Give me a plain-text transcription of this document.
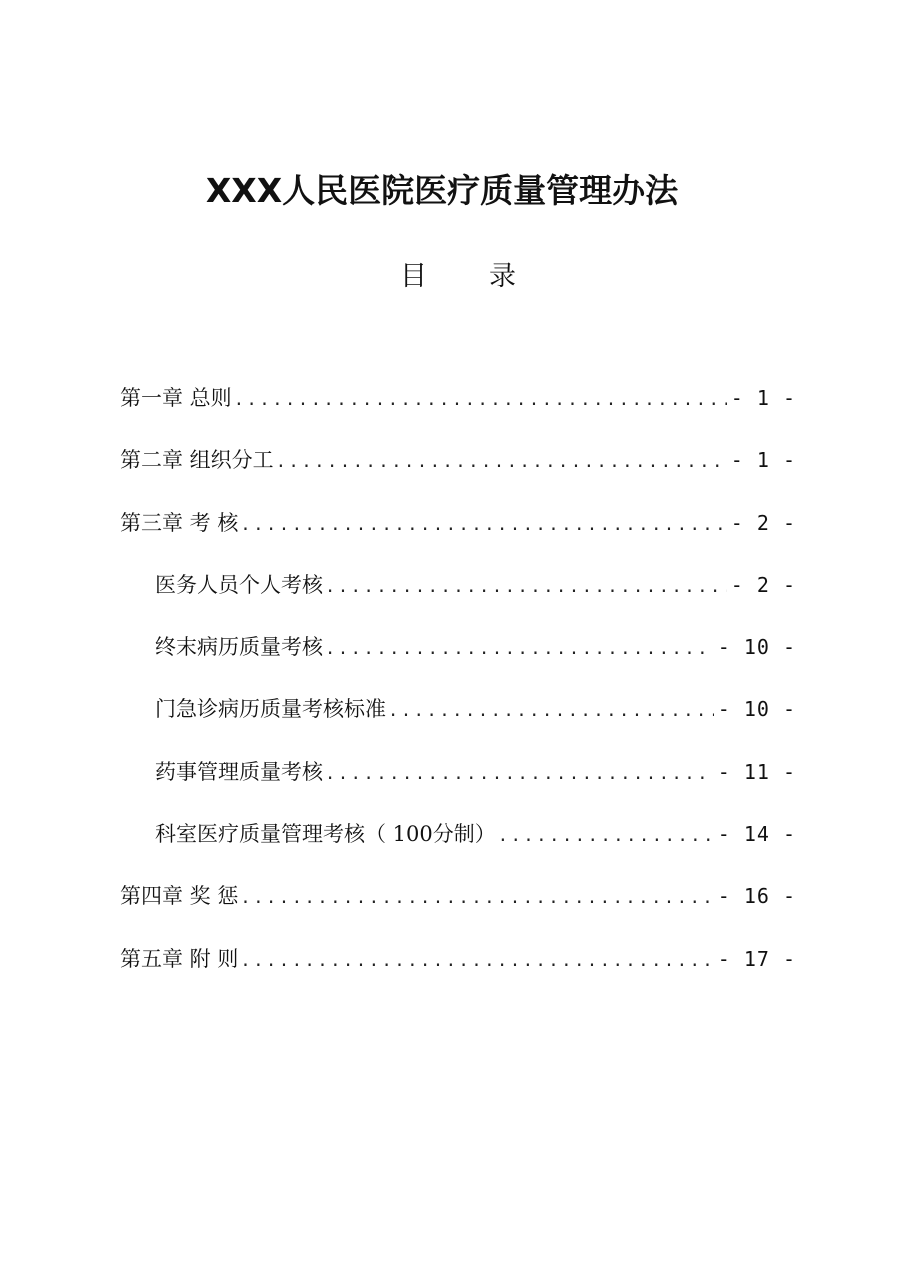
XXX人民医院医疗质量管理办法
目 录
第一章 总则 .....	- 1 -
第二章 组织分工 .....	- 1 -
第三章 考 核 .....	- 2 -
医务人员个人考核 .....	- 2 -
终末病历质量考核 .....	- 10 -
门急诊病历质量考核标准 .....	- 10 -
药事管理质量考核 .....	- 11 -
科室医疗质量管理考核（ 100分制） .....	- 14 -
第四章 奖 惩 .....	- 16 -
第五章 附 则 .....	- 17 -
